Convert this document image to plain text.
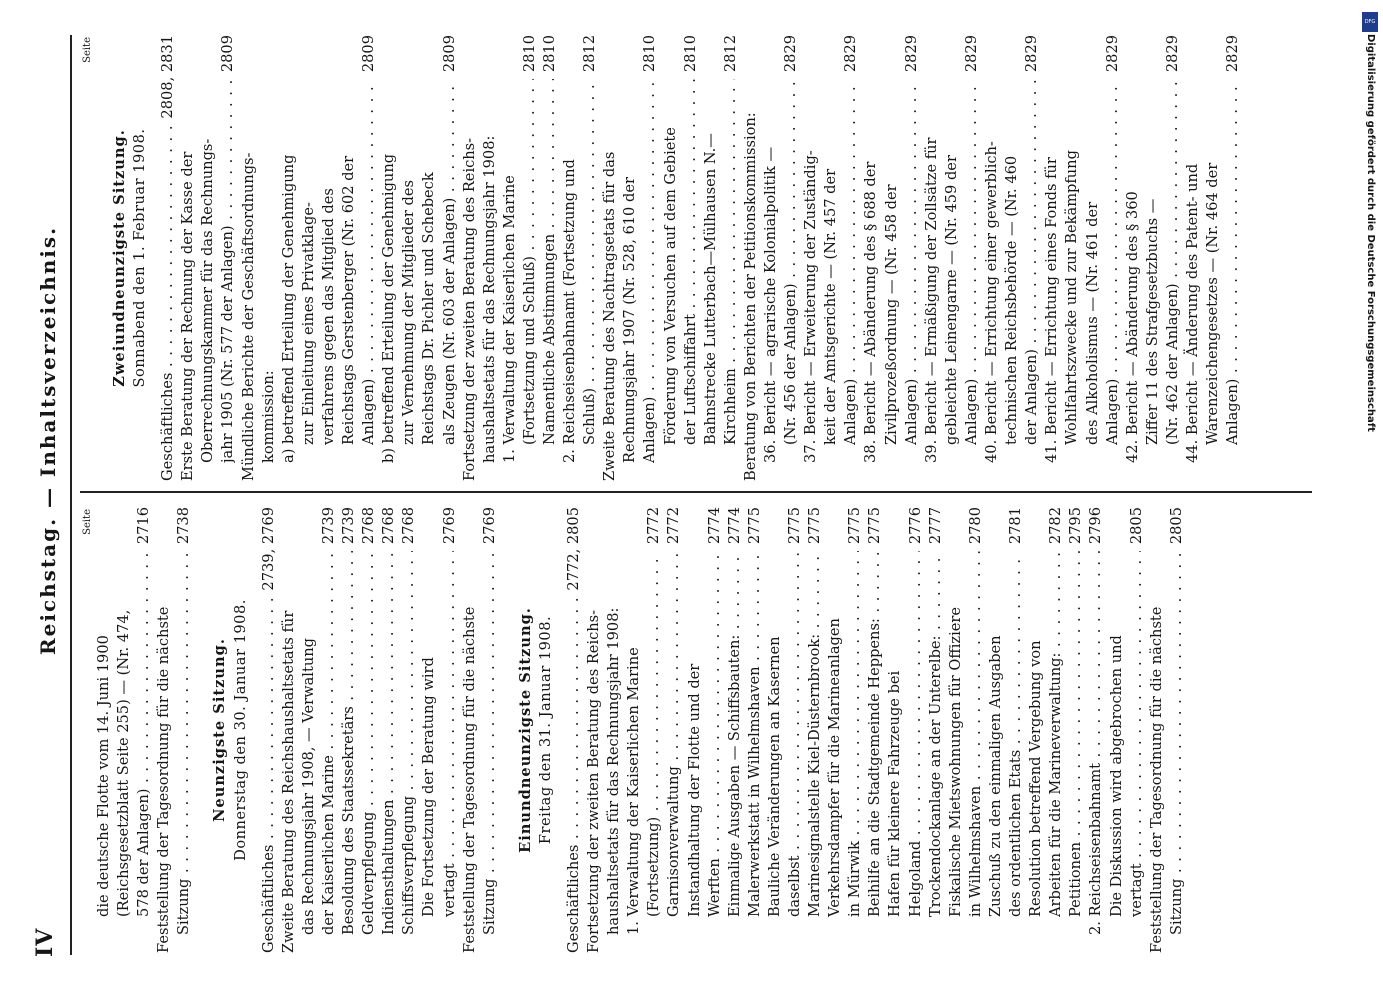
IV
Reichstag. — Inhaltsverzeichnis. Seite
die deutsche Flotte vom 14. Juni 1900 (Reichsgesetzblatt Seite 255) — (Nr. 474, 578 der Anlagen) . . .
2716
Feststellung der Tagesordnung für die nächste Sitzung . . .
2738
Neunzigste Sitzung. Donnerstag den 30. Januar 1908.
Geschäftliches . . .
2739, 2769
Zweite Beratung des Reichshaushaltsetats für das Rechnungsjahr 1908, — Verwaltung der Kaiserlichen Marine . . .
2739
Besoldung des Staatssekretärs . . .
2739
Geldverpflegung . . .
2768
Indiensthaltungen . . .
2768
Schiffsverpflegung . . .
2768
Die Fortsetzung der Beratung wird vertagt . . .
2769
Feststellung der Tagesordnung für die nächste Sitzung . . .
2769
Einundneunzigste Sitzung. Freitag den 31. Januar 1908.
Geschäftliches . . .
2772, 2805
Fortsetzung der zweiten Beratung des Reichs- haushaltsetats für das Rechnungsjahr 1908: 1. Verwaltung der Kaiserlichen Marine (Fortsetzung) . . .
2772
Garnisonverwaltung . . .
2772
Instandhaltung der Flotte und der Werften . . .
2774
Einmalige Ausgaben — Schiffsbauten: . . .
2774
Malerwerkstatt in Wilhelmshaven . . .
2775
Bauliche Veränderungen an Kasernen daselbst . . .
2775
Marinesignalstelle Kiel-Düsternbrook: . . .
2775
Verkehrsdampfer für die Marineanlagen in Mürwik . . .
2775
Beihilfe an die Stadtgemeinde Heppens: . . .
2775
Hafen für kleinere Fahrzeuge bei Helgoland . . .
2776
Trockendockanlage an der Unterelbe: . . .
2777
Fiskalische Mietswohnungen für Offiziere in Wilhelmshaven . . .
2780
Zuschuß zu den einmaligen Ausgaben des ordentlichen Etats . . .
2781
Resolution betreffend Vergebung von Arbeiten für die Marineverwaltung: . . .
2782
Petitionen . . .
2795
2. Reichseisenbahnamt . . .
2796
Die Diskussion wird abgebrochen und vertagt . . .
2805
Feststellung der Tagesordnung für die nächste Sitzung . . .
2805
Seite
Zweiundneunzigste Sitzung. Sonnabend den 1. Februar 1908.
Geschäftliches . . .
2808, 2831
Erste Beratung der Rechnung der Kasse der Oberrechnungskammer für das Rechnungs- jahr 1905 (Nr. 577 der Anlagen) . . .
2809
Mündliche Berichte der Geschäftsordnungs- kommission: a) betreffend Erteilung der Genehmigung zur Einleitung eines Privatklage- verfahrens gegen das Mitglied des Reichstags Gerstenberger (Nr. 602 der Anlagen) . . .
2809
b) betreffend Erteilung der Genehmigung zur Vernehmung der Mitglieder des Reichstags Dr. Pichler und Schebeck als Zeugen (Nr. 603 der Anlagen) . . .
2809
Fortsetzung der zweiten Beratung des Reichs- haushaltsetats für das Rechnungsjahr 1908: 1. Verwaltung der Kaiserlichen Marine (Fortsetzung und Schluß) . . .
2810
Namentliche Abstimmungen . . .
2810
2. Reichseisenbahnamt (Fortsetzung und Schluß) . . .
2812
Zweite Beratung des Nachtragsetats für das Rechnungsjahr 1907 (Nr. 528, 610 der Anlagen) . . .
2810
Förderung von Versuchen auf dem Gebiete der Luftschiffahrt . . .
2810
Bahnstrecke Lutterbach—Mülhausen N.— Kirchheim . . .
2812
Beratung von Berichten der Petitionskommission: 36. Bericht — agrarische Kolonialpolitik — (Nr. 456 der Anlagen) . . .
2829
37. Bericht — Erweiterung der Zuständig- keit der Amtsgerichte — (Nr. 457 der Anlagen) . . .
2829
38. Bericht — Abänderung des § 688 der Zivilprozeßordnung — (Nr. 458 der Anlagen) . . .
2829
39. Bericht — Ermäßigung der Zollsätze für gebleichte Leinengarne — (Nr. 459 der Anlagen) . . .
2829
40. Bericht — Errichtung einer gewerblich- technischen Reichsbehörde — (Nr. 460 der Anlagen) . . .
2829
41. Bericht — Errichtung eines Fonds für Wohlfahrtszwecke und zur Bekämpfung des Alkoholismus — (Nr. 461 der Anlagen) . . .
2829
42. Bericht — Abänderung des § 360 Ziffer 11 des Strafgesetzbuchs — (Nr. 462 der Anlagen) . . .
2829
44. Bericht — Änderung des Patent- und Warenzeichengesetzes — (Nr. 464 der Anlagen) . . .
2829
DFG
Digitalisierung gefördert durch die Deutsche Forschungsgemeinschaft
